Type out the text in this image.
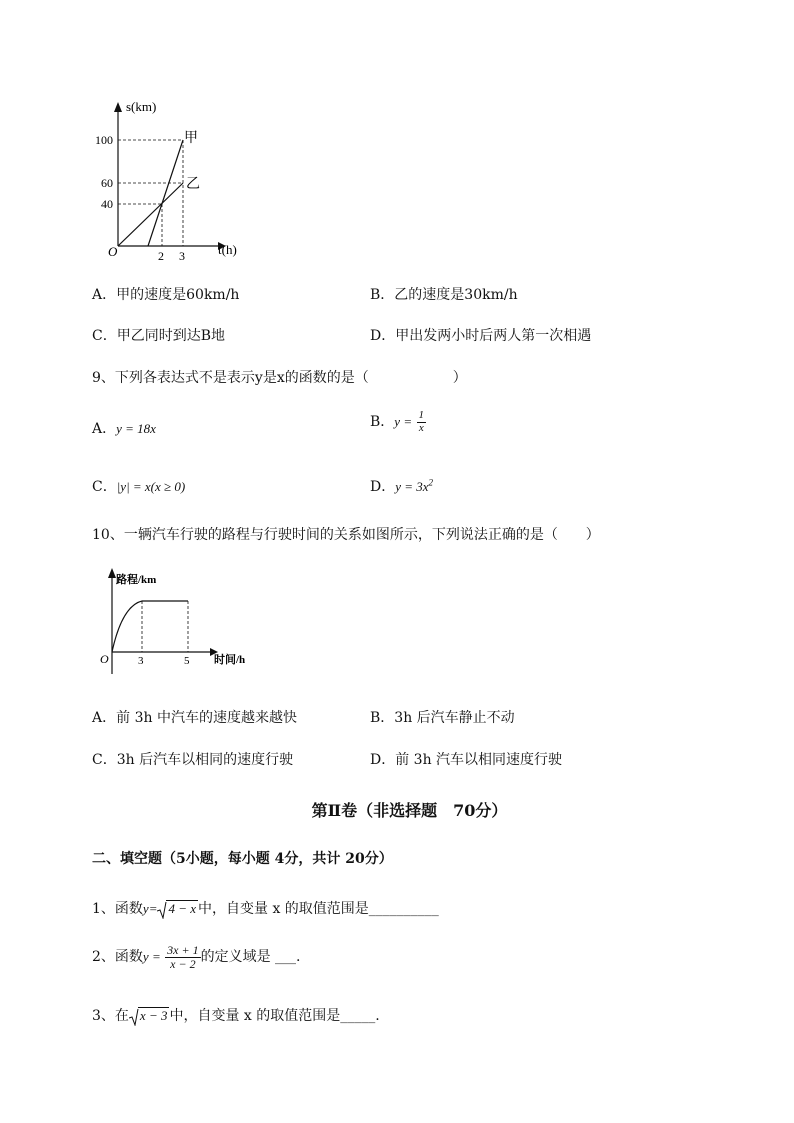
s(km)
t(h)
O
100
60
40
2 3
甲
乙
A．甲的速度是60km/h	B．乙的速度是30km/h
C．甲乙同时到达B地	D．甲出发两小时后两人第一次相遇
9、下列各表达式不是表示y是x的函数的是（　　　　　　）
A．y = 18x	B．$y = \frac{1}{x}$
C．|y| = x(x ≥ 0)	D．$y = 3x^2$
10、一辆汽车行驶的路程与行驶时间的关系如图所示，下列说法正确的是（　　）
路程/km
时间/h
O	3	5
A．前 3h 中汽车的速度越来越快	B．3h 后汽车静止不动
C．3h 后汽车以相同的速度行驶	D．前 3h 汽车以相同速度行驶
第Ⅱ卷（非选择题　70分）
二、填空题（5小题，每小题 4分，共计 20分）
1、函数y= 4 − x 中，自变量 x 的取值范围是__________
2、函数$y = \frac{3x + 1}{x - 2}$ 的定义域是 ___.
3、在 x − 3 中，自变量 x 的取值范围是_____.
